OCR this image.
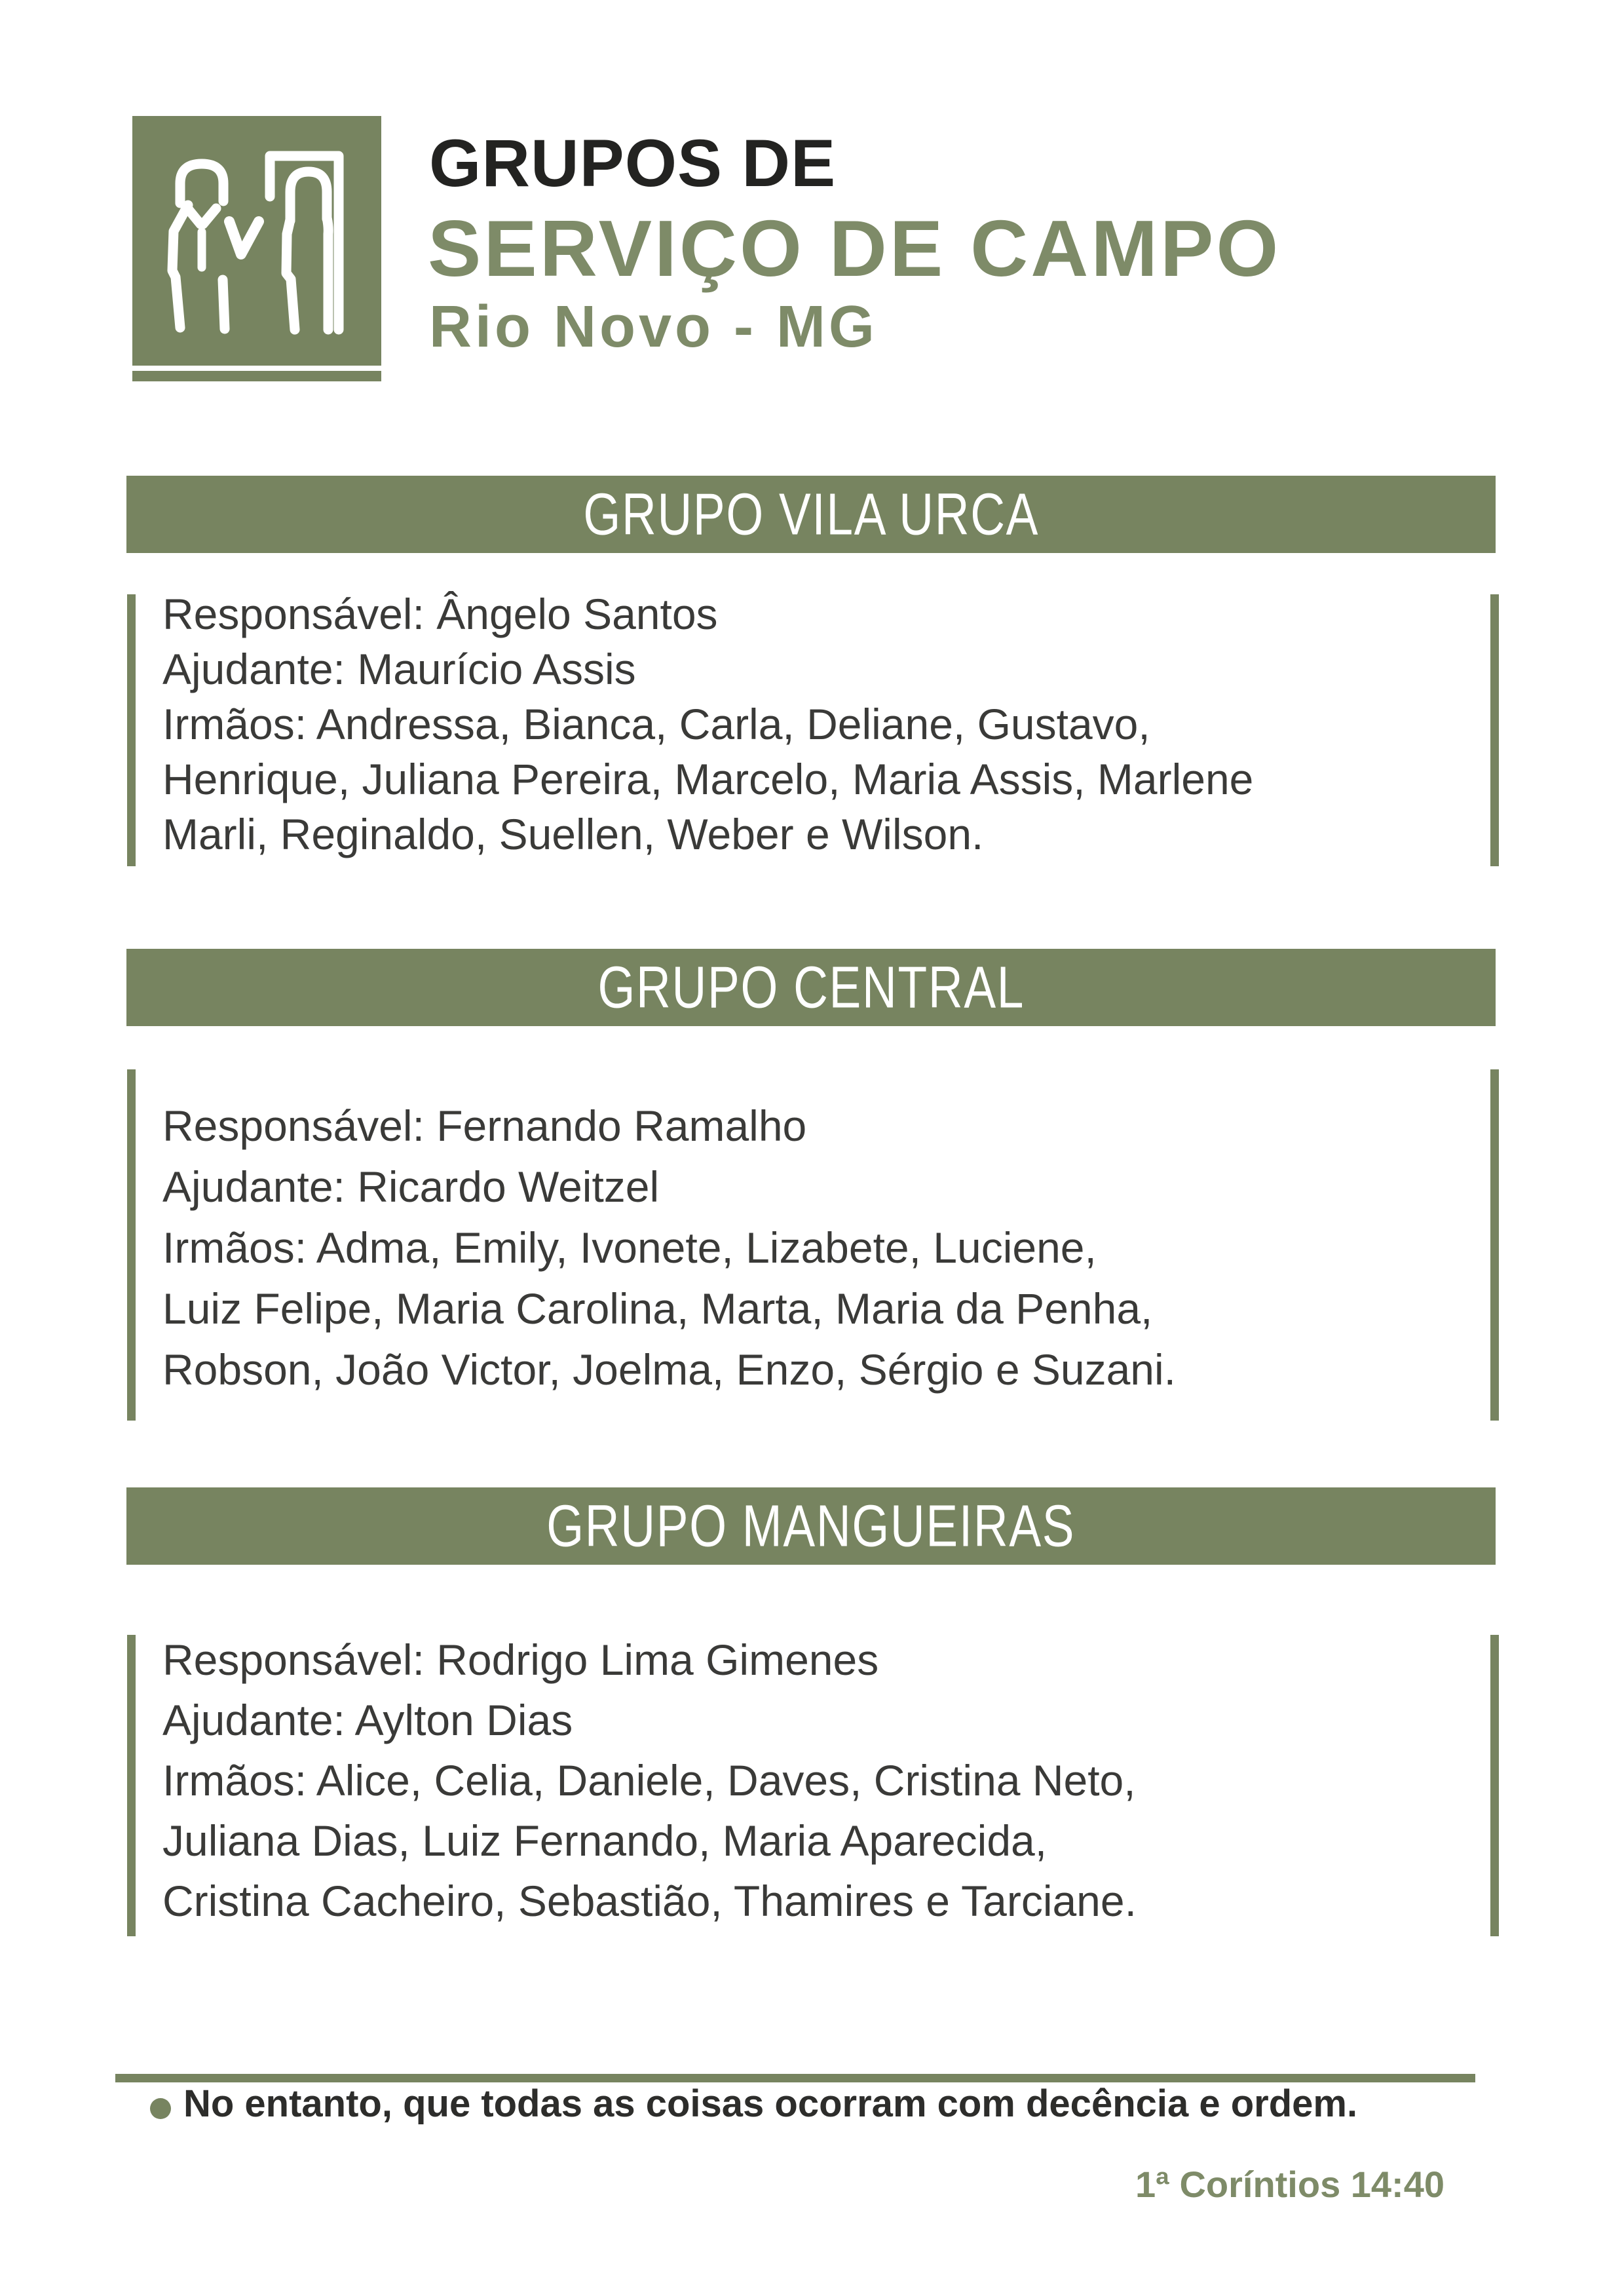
GRUPOS DE
SERVIÇO DE CAMPO
Rio Novo - MG
GRUPO VILA URCA
Responsável: Ângelo Santos
Ajudante: Maurício Assis
Irmãos: Andressa, Bianca, Carla, Deliane, Gustavo,
Henrique, Juliana Pereira, Marcelo, Maria Assis, Marlene
Marli, Reginaldo, Suellen, Weber e Wilson.
GRUPO CENTRAL
Responsável: Fernando Ramalho
Ajudante: Ricardo Weitzel
Irmãos: Adma, Emily, Ivonete, Lizabete, Luciene,
Luiz Felipe, Maria Carolina, Marta, Maria da Penha,
Robson, João Victor, Joelma, Enzo, Sérgio e Suzani.
GRUPO MANGUEIRAS
Responsável: Rodrigo Lima Gimenes
Ajudante: Aylton Dias
Irmãos: Alice, Celia, Daniele, Daves, Cristina Neto,
Juliana Dias, Luiz Fernando, Maria Aparecida,
Cristina Cacheiro, Sebastião, Thamires e Tarciane.
No entanto, que todas as coisas ocorram com decência e ordem.
1ª Coríntios 14:40
